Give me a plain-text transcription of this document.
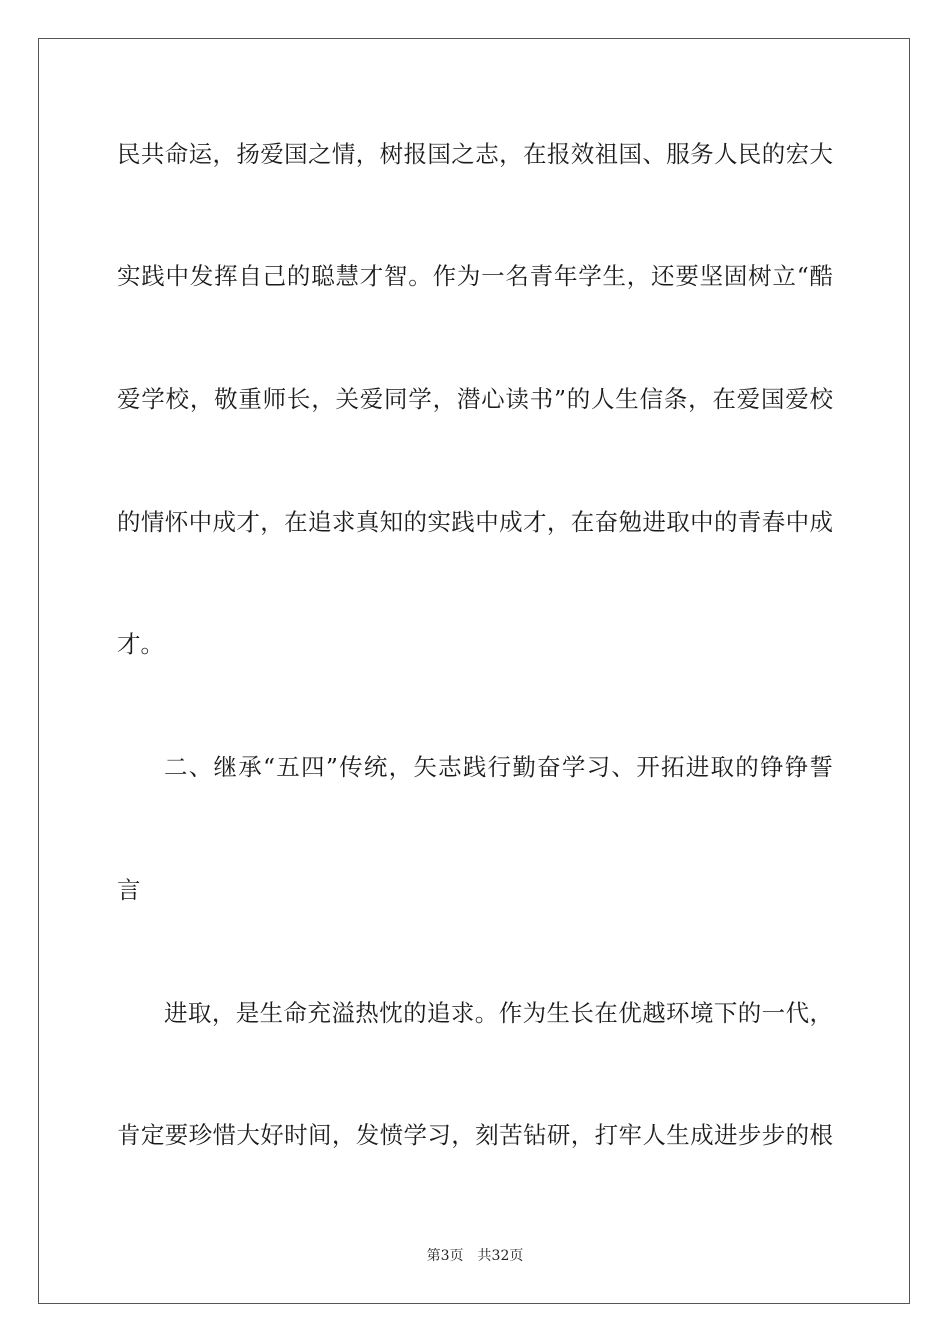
民共命运，扬爱国之情，树报国之志，在报效祖国、服务人民的宏大
实践中发挥自己的聪慧才智。作为一名青年学生，还要坚固树立“酷
爱学校，敬重师长，关爱同学，潜心读书”的人生信条，在爱国爱校
的情怀中成才，在追求真知的实践中成才，在奋勉进取中的青春中成
才。
二、继承“五四”传统，矢志践行勤奋学习、开拓进取的铮铮誓
言
进取，是生命充溢热忱的追求。作为生长在优越环境下的一代，
肯定要珍惜大好时间，发愤学习，刻苦钻研，打牢人生成进步步的根
第3页 共32页
